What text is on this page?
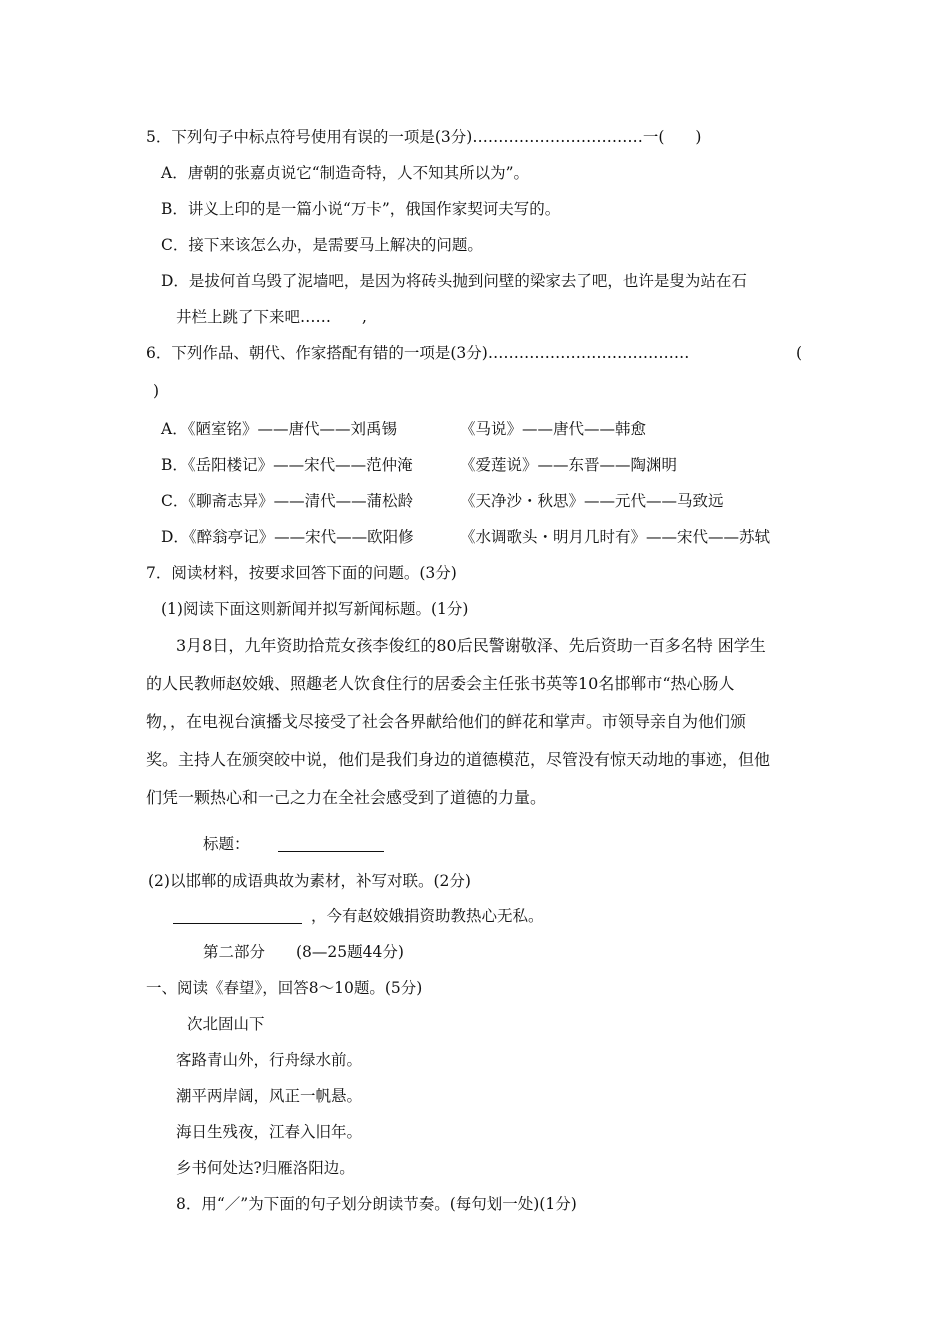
5．下列句子中标点符号使用有误的一项是(3分)……………………………一(　　)
A．唐朝的张嘉贞说它“制造奇特，人不知其所以为”。
B．讲义上印的是一篇小说“万卡”，俄国作家契诃夫写的。
C．接下来该怎么办，是需要马上解决的问题。
D．是拔何首乌毁了泥墙吧，是因为将砖头抛到问壁的梁家去了吧，也许是叟为站在石
井栏上跳了下来吧……　　,
6．下列作品、朝代、作家搭配有错的一项是(3分)…………………………………	(
)
A．《陋室铭》——唐代——刘禹锡	《马说》——唐代——韩愈
B．《岳阳楼记》——宋代——范仲淹	《爱莲说》——东晋——陶渊明
C．《聊斋志异》——清代——蒲松龄	《天净沙・秋思》——元代——马致远
D．《醉翁亭记》——宋代——欧阳修	《水调歌头・明月几时有》——宋代——苏轼
7．阅读材料，按要求回答下面的问题。(3分)
(1)阅读下面这则新闻并拟写新闻标题。(1分)
3月8日，九年资助拾荒女孩李俊红的80后民警谢敬泽、先后资助一百多名特 困学生
的人民教师赵姣娥、照趣老人饮食住行的居委会主任张书英等10名邯郸市“热心肠人
物，，在电视台演播戈尽接受了社会各界献给他们的鲜花和掌声。市领导亲自为他们颁
奖。主持人在颁突皎中说，他们是我们身边的道德模范，尽管没有惊天动地的事迹，但他
们凭一颗热心和一己之力在全社会感受到了道德的力量。
标题：
(2)以邯郸的成语典故为素材，补写对联。(2分)
，今有赵姣娥捐资助教热心无私。
第二部分　　(8—25题44分)
一、阅读《春望》，回答8～10题。(5分)
次北固山下
客路青山外，行舟绿水前。
潮平两岸阔，风正一帆悬。
海日生残夜，江春入旧年。
乡书何处达?归雁洛阳边。
8．用“／”为下面的句子划分朗读节奏。(每句划一处)(1分)
